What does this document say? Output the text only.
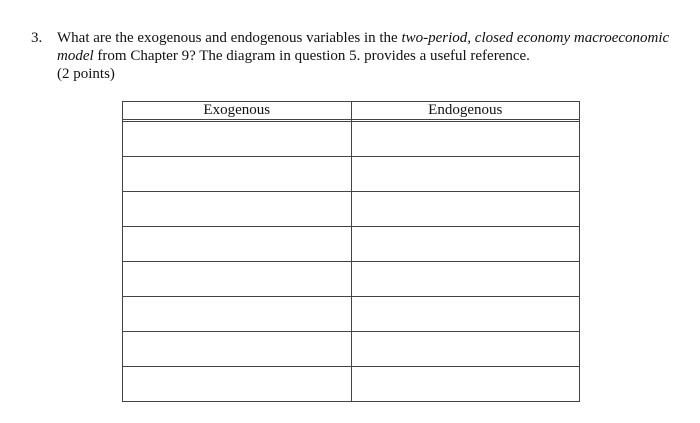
3. What are the exogenous and endogenous variables in the two-period, closed economy macroeconomic model from Chapter 9? The diagram in question 5. provides a useful reference.
(2 points)
Exogenous	Endogenous
